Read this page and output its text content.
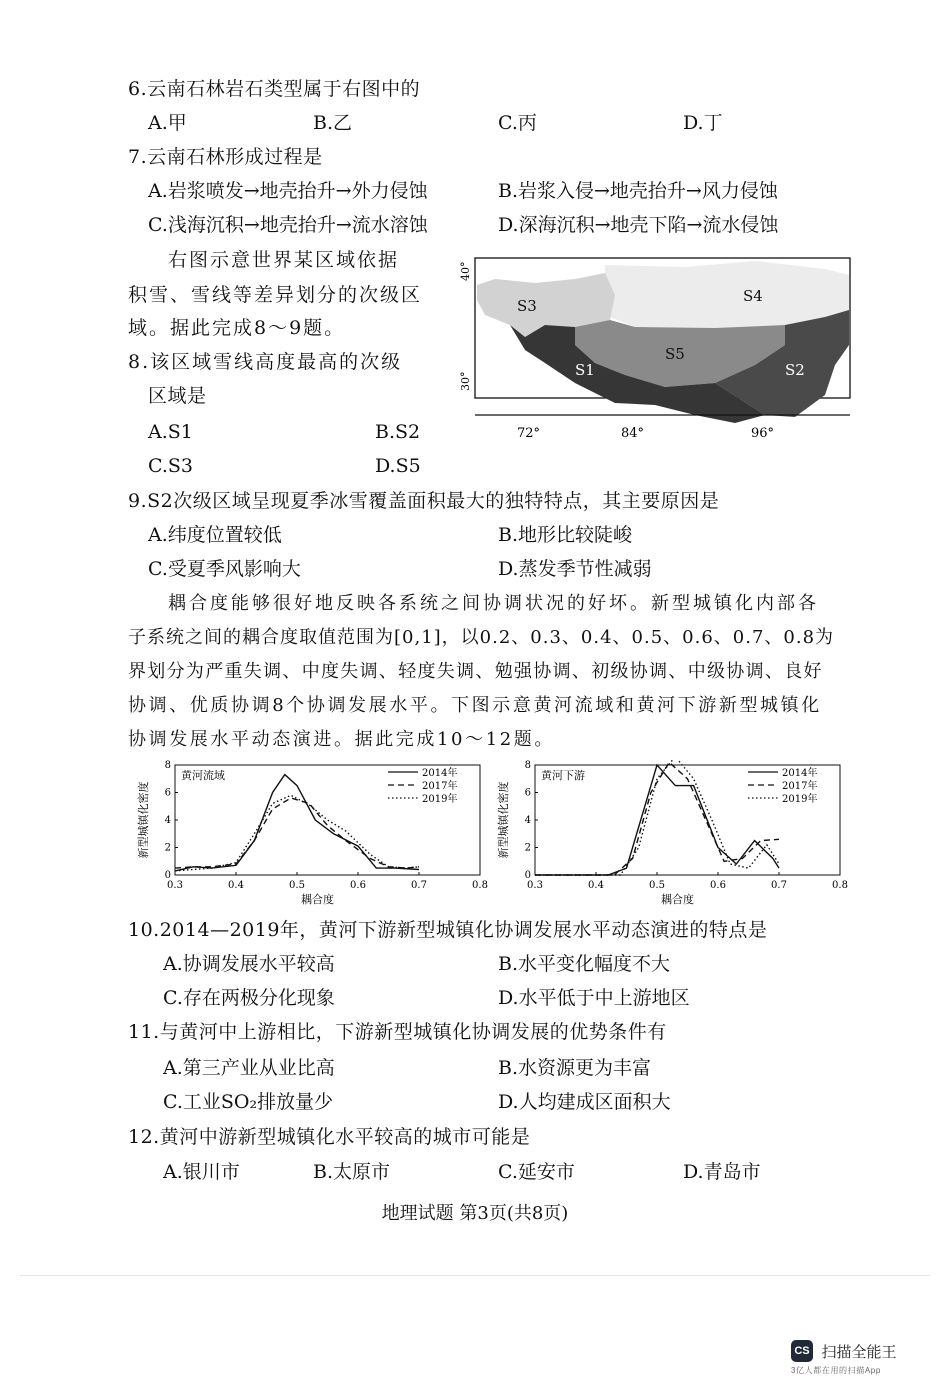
6.云南石林岩石类型属于右图中的
A.甲	B.乙	C.丙	D.丁
7.云南石林形成过程是
A.岩浆喷发→地壳抬升→外力侵蚀	B.岩浆入侵→地壳抬升→风力侵蚀
C.浅海沉积→地壳抬升→流水溶蚀	D.深海沉积→地壳下陷→流水侵蚀
右图示意世界某区域依据
积雪、雪线等差异划分的次级区
域。据此完成8～9题。
8.该区域雪线高度最高的次级
区域是
A.S1	B.S2
C.S3	D.S5
40°
30°
72°	84°	96°
S3
S4
S5
S1	S2
9.S2次级区域呈现夏季冰雪覆盖面积最大的独特特点，其主要原因是
A.纬度位置较低	B.地形比较陡峻
C.受夏季风影响大	D.蒸发季节性减弱
耦合度能够很好地反映各系统之间协调状况的好坏。新型城镇化内部各
子系统之间的耦合度取值范围为[0,1]，以0.2、0.3、0.4、0.5、0.6、0.7、0.8为
界划分为严重失调、中度失调、轻度失调、勉强协调、初级协调、中级协调、良好
协调、优质协调8个协调发展水平。下图示意黄河流域和黄河下游新型城镇化
协调发展水平动态演进。据此完成10～12题。
0.3	0.4	0.5	0.6	0.7	0.8
0
2
4
6
8
耦合度
新型城镇化密度
黄河流域	2014年
2017年
2019年
0.3	0.4	0.5	0.6	0.7	0.8
0
2
4
6
8
耦合度
新型城镇化密度
黄河下游	2014年
2017年
2019年
10.2014—2019年，黄河下游新型城镇化协调发展水平动态演进的特点是
A.协调发展水平较高	B.水平变化幅度不大
C.存在两极分化现象	D.水平低于中上游地区
11.与黄河中上游相比，下游新型城镇化协调发展的优势条件有
A.第三产业从业比高	B.水资源更为丰富
C.工业SO₂排放量少	D.人均建成区面积大
12.黄河中游新型城镇化水平较高的城市可能是
A.银川市	B.太原市	C.延安市	D.青岛市
地理试题 第3页(共8页)
CS 扫描全能王
3亿人都在用的扫描App
